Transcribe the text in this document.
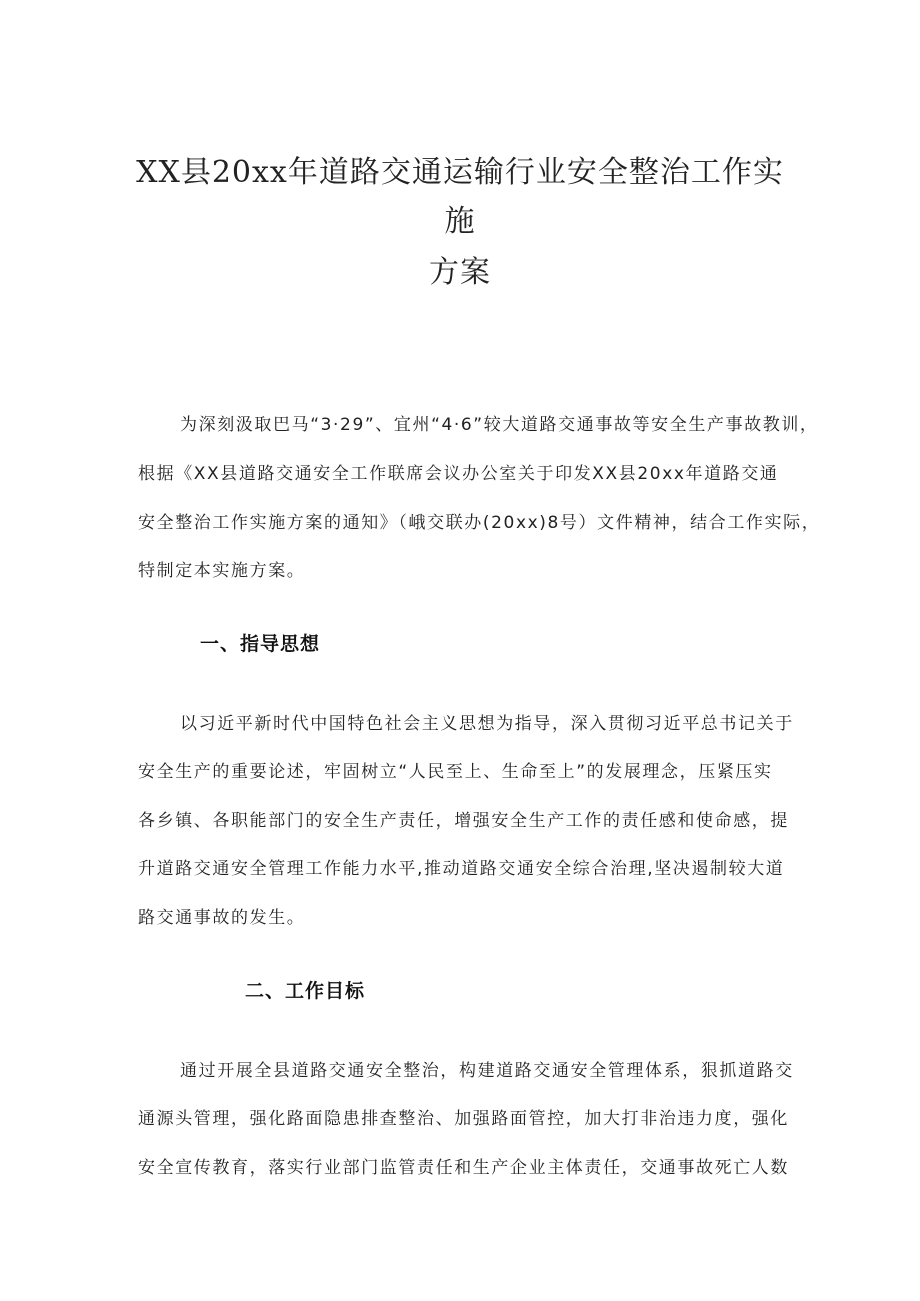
XX县20xx年道路交通运输行业安全整治工作实
施
方案
为深刻汲取巴马“3·29”、宜州“4·6”较大道路交通事故等安全生产事故教训，
根据《XX县道路交通安全工作联席会议办公室关于印发XX县20xx年道路交通
安全整治工作实施方案的通知》（峨交联办(20xx)8号）文件精神，结合工作实际，
特制定本实施方案。
一、指导思想
以习近平新时代中国特色社会主义思想为指导，深入贯彻习近平总书记关于
安全生产的重要论述，牢固树立“人民至上、生命至上”的发展理念，压紧压实
各乡镇、各职能部门的安全生产责任，增强安全生产工作的责任感和使命感，提
升道路交通安全管理工作能力水平,推动道路交通安全综合治理,坚决遏制较大道
路交通事故的发生。
二、工作目标
通过开展全县道路交通安全整治，构建道路交通安全管理体系，狠抓道路交
通源头管理，强化路面隐患排查整治、加强路面管控，加大打非治违力度，强化
安全宣传教育，落实行业部门监管责任和生产企业主体责任，交通事故死亡人数
